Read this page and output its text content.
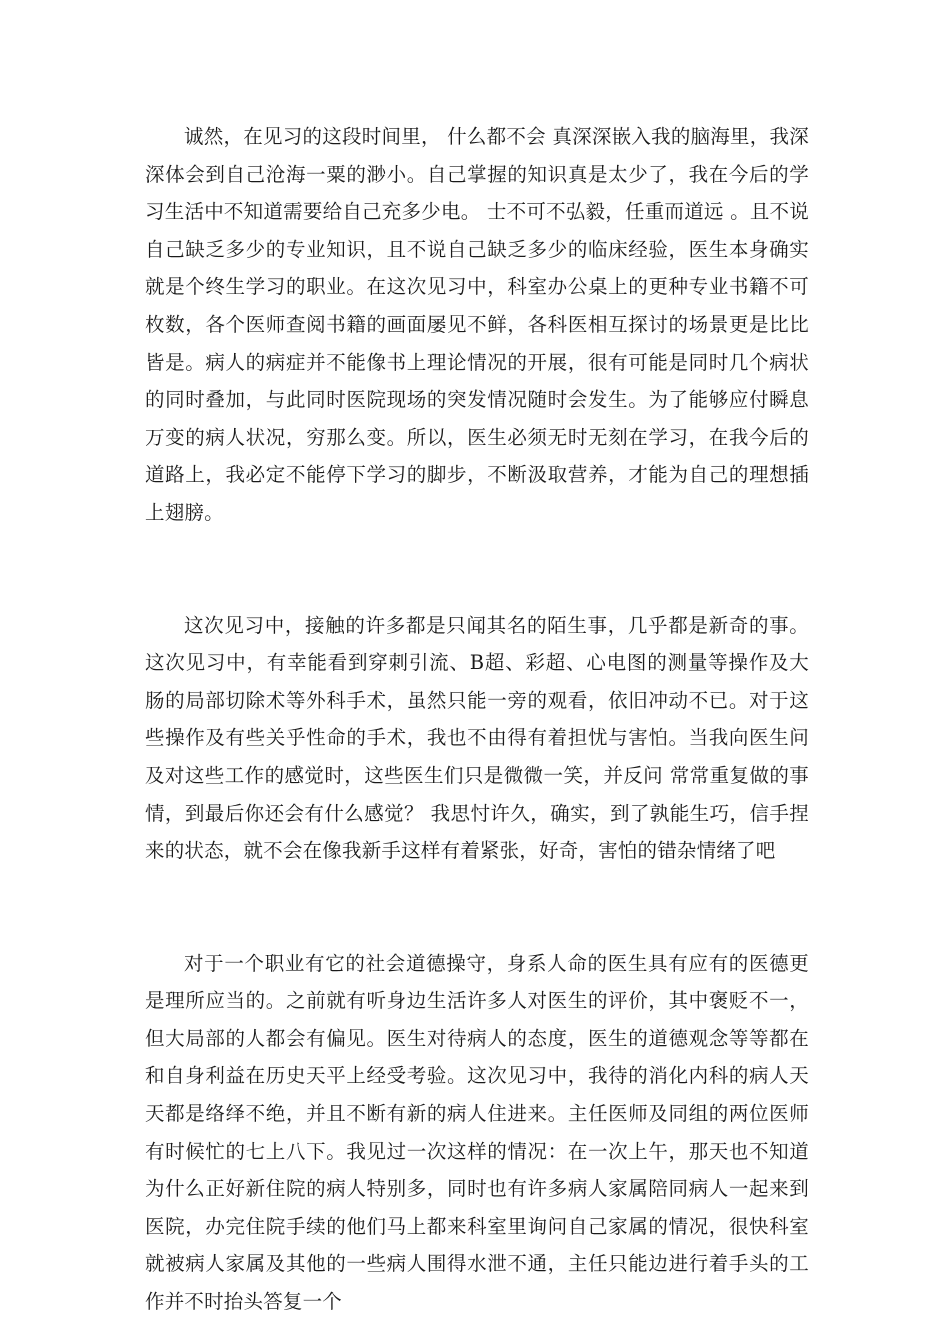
诚然，在见习的这段时间里， 什么都不会 真深深嵌入我的脑海里，我深深体会到自己沧海一粟的渺小。自己掌握的知识真是太少了，我在今后的学习生活中不知道需要给自己充多少电。 士不可不弘毅，任重而道远 。且不说自己缺乏多少的专业知识，且不说自己缺乏多少的临床经验，医生本身确实就是个终生学习的职业。在这次见习中，科室办公桌上的更种专业书籍不可枚数，各个医师查阅书籍的画面屡见不鲜，各科医相互探讨的场景更是比比皆是。病人的病症并不能像书上理论情况的开展，很有可能是同时几个病状的同时叠加，与此同时医院现场的突发情况随时会发生。为了能够应付瞬息万变的病人状况，穷那么变。所以，医生必须无时无刻在学习，在我今后的道路上，我必定不能停下学习的脚步，不断汲取营养，才能为自己的理想插上翅膀。

这次见习中，接触的许多都是只闻其名的陌生事，几乎都是新奇的事。这次见习中，有幸能看到穿刺引流、B超、彩超、心电图的测量等操作及大肠的局部切除术等外科手术，虽然只能一旁的观看，依旧冲动不已。对于这些操作及有些关乎性命的手术，我也不由得有着担忧与害怕。当我向医生问及对这些工作的感觉时，这些医生们只是微微一笑，并反问 常常重复做的事情，到最后你还会有什么感觉？ 我思忖许久，确实，到了孰能生巧，信手捏来的状态，就不会在像我新手这样有着紧张，好奇，害怕的错杂情绪了吧

对于一个职业有它的社会道德操守，身系人命的医生具有应有的医德更是理所应当的。之前就有听身边生活许多人对医生的评价，其中褒贬不一，但大局部的人都会有偏见。医生对待病人的态度，医生的道德观念等等都在和自身利益在历史天平上经受考验。这次见习中，我待的消化内科的病人天天都是络绎不绝，并且不断有新的病人住进来。主任医师及同组的两位医师有时候忙的七上八下。我见过一次这样的情况：在一次上午，那天也不知道为什么正好新住院的病人特别多，同时也有许多病人家属陪同病人一起来到医院，办完住院手续的他们马上都来科室里询问自己家属的情况，很快科室就被病人家属及其他的一些病人围得水泄不通，主任只能边进行着手头的工作并不时抬头答复一个
